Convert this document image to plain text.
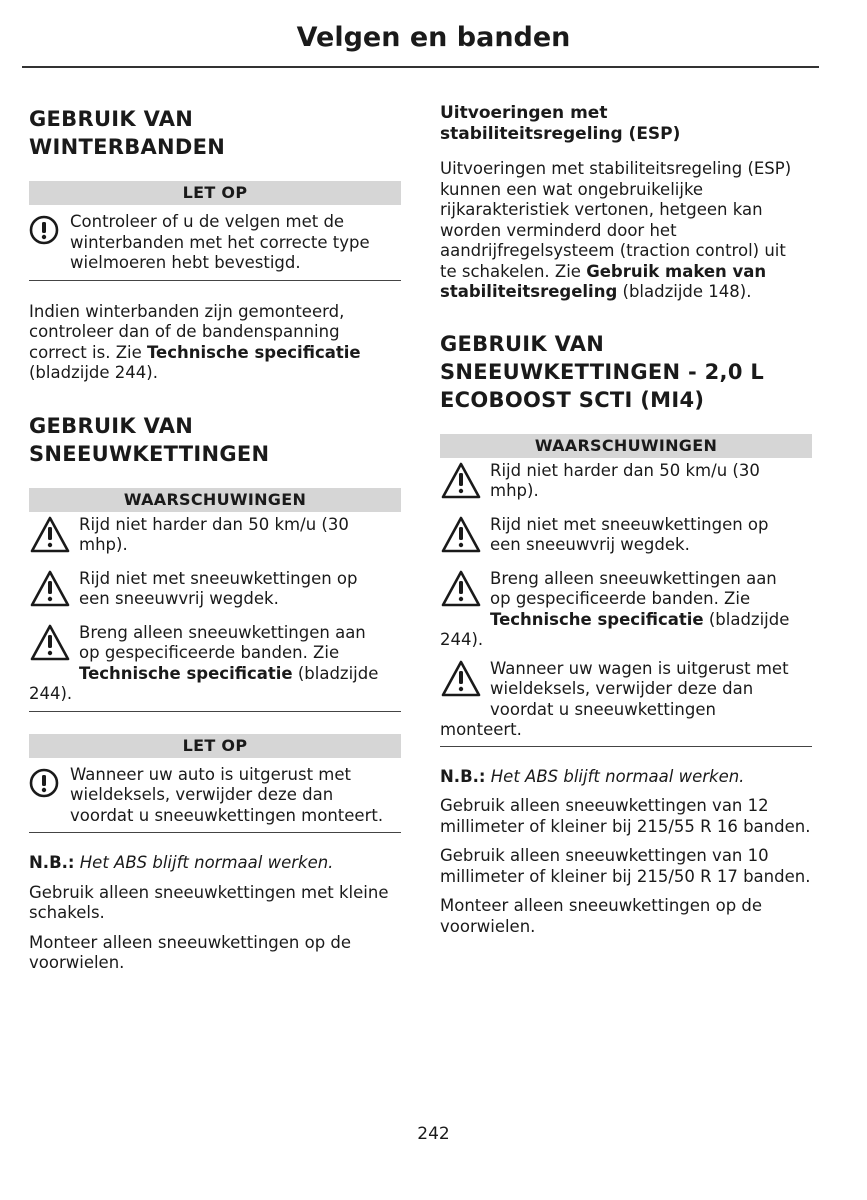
Velgen en banden
GEBRUIK VAN
WINTERBANDEN
LET OP
Controleer of u de velgen met de
winterbanden met het correcte type
wielmoeren hebt bevestigd.
Indien winterbanden zijn gemonteerd,
controleer dan of de bandenspanning
correct is. Zie Technische specificatie
(bladzijde 244).
GEBRUIK VAN
SNEEUWKETTINGEN
WAARSCHUWINGEN
Rijd niet harder dan 50 km/u (30
mhp).
Rijd niet met sneeuwkettingen op
een sneeuwvrij wegdek.
Breng alleen sneeuwkettingen aan
op gespecificeerde banden. Zie
Technische specificatie (bladzijde
244).
LET OP
Wanneer uw auto is uitgerust met
wieldeksels, verwijder deze dan
voordat u sneeuwkettingen monteert.
N.B.: Het ABS blijft normaal werken.
Gebruik alleen sneeuwkettingen met kleine
schakels.
Monteer alleen sneeuwkettingen op de
voorwielen.
Uitvoeringen met
stabiliteitsregeling (ESP)
Uitvoeringen met stabiliteitsregeling (ESP)
kunnen een wat ongebruikelijke
rijkarakteristiek vertonen, hetgeen kan
worden verminderd door het
aandrijfregelsysteem (traction control) uit
te schakelen. Zie Gebruik maken van
stabiliteitsregeling (bladzijde 148).
GEBRUIK VAN
SNEEUWKETTINGEN - 2,0 L
ECOBOOST SCTI (MI4)
WAARSCHUWINGEN
Rijd niet harder dan 50 km/u (30
mhp).
Rijd niet met sneeuwkettingen op
een sneeuwvrij wegdek.
Breng alleen sneeuwkettingen aan
op gespecificeerde banden. Zie
Technische specificatie (bladzijde
244).
Wanneer uw wagen is uitgerust met
wieldeksels, verwijder deze dan
voordat u sneeuwkettingen
monteert.
N.B.: Het ABS blijft normaal werken.
Gebruik alleen sneeuwkettingen van 12
millimeter of kleiner bij 215/55 R 16 banden.
Gebruik alleen sneeuwkettingen van 10
millimeter of kleiner bij 215/50 R 17 banden.
Monteer alleen sneeuwkettingen op de
voorwielen.
242
